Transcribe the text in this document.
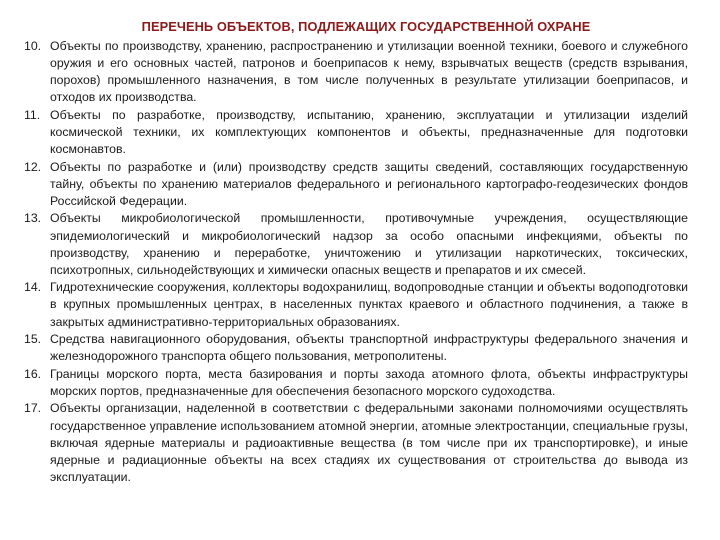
ПЕРЕЧЕНЬ ОБЪЕКТОВ, ПОДЛЕЖАЩИХ ГОСУДАРСТВЕННОЙ ОХРАНЕ
10. Объекты по производству, хранению, распространению и утилизации военной техники, боевого и служебного оружия и его основных частей, патронов и боеприпасов к нему, взрывчатых веществ (средств взрывания, порохов) промышленного назначения, в том числе полученных в результате утилизации боеприпасов, и отходов их производства.
11. Объекты по разработке, производству, испытанию, хранению, эксплуатации и утилизации изделий космической техники, их комплектующих компонентов и объекты, предназначенные для подготовки космонавтов.
12. Объекты по разработке и (или) производству средств защиты сведений, составляющих государственную тайну, объекты по хранению материалов федерального и регионального картографо-геодезических фондов Российской Федерации.
13. Объекты микробиологической промышленности, противочумные учреждения, осуществляющие эпидемиологический и микробиологический надзор за особо опасными инфекциями, объекты по производству, хранению и переработке, уничтожению и утилизации наркотических, токсических, психотропных, сильнодействующих и химически опасных веществ и препаратов и их смесей.
14. Гидротехнические сооружения, коллекторы водохранилищ, водопроводные станции и объекты водоподготовки в крупных промышленных центрах, в населенных пунктах краевого и областного подчинения, а также в закрытых административно-территориальных образованиях.
15. Средства навигационного оборудования, объекты транспортной инфраструктуры федерального значения и железнодорожного транспорта общего пользования, метрополитены.
16. Границы морского порта, места базирования и порты захода атомного флота, объекты инфраструктуры морских портов, предназначенные для обеспечения безопасного морского судоходства.
17. Объекты организации, наделенной в соответствии с федеральными законами полномочиями осуществлять государственное управление использованием атомной энергии, атомные электростанции, специальные грузы, включая ядерные материалы и радиоактивные вещества (в том числе при их транспортировке), и иные ядерные и радиационные объекты на всех стадиях их существования от строительства до вывода из эксплуатации.
